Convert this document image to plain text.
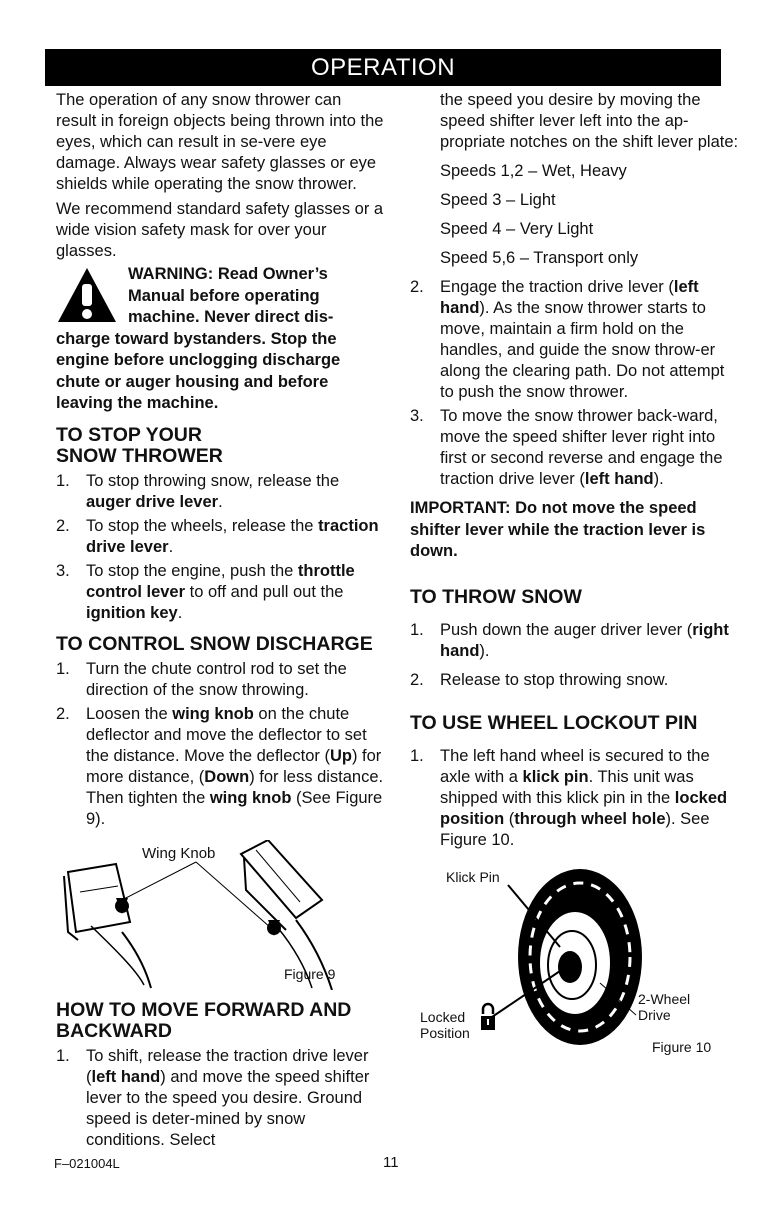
OPERATION

The operation of any snow thrower can result in foreign objects being thrown into the eyes, which can result in se-vere eye damage. Always wear safety glasses or eye shields while operating the snow thrower.

We recommend standard safety glasses or a wide vision safety mask for over your glasses.

WARNING: Read Owner’s
Manual before operating
machine. Never direct dis-
charge toward bystanders. Stop the engine before unclogging discharge chute or auger housing and before leaving the machine.
TO STOP YOUR
SNOW THROWER
1. To stop throwing snow, release the auger drive lever.
2. To stop the wheels, release the traction drive lever.
3. To stop the engine, push the throttle control lever to off and pull out the ignition key.
TO CONTROL SNOW DISCHARGE
1. Turn the chute control rod to set the direction of the snow throwing.
2. Loosen the wing knob on the chute deflector and move the deflector to set the distance. Move the deflector (Up) for more distance, (Down) for less distance. Then tighten the wing knob (See Figure 9).
Wing Knob
Figure 9
HOW TO MOVE FORWARD AND
BACKWARD
1. To shift, release the traction drive lever (left hand) and move the speed shifter lever to the speed you desire. Ground speed is deter-mined by snow conditions. Select

the speed you desire by moving the speed shifter lever left into the ap-propriate notches on the shift lever plate:

Speeds 1,2 – Wet, Heavy
Speed 3 – Light
Speed 4 – Very Light
Speed 5,6 – Transport only
2. Engage the traction drive lever (left hand). As the snow thrower starts to move, maintain a firm hold on the handles, and guide the snow throw-er along the clearing path. Do not attempt to push the snow thrower.
3. To move the snow thrower back-ward, move the speed shifter lever right into first or second reverse and engage the traction drive lever (left hand).
IMPORTANT: Do not move the speed shifter lever while the traction lever is down.
TO THROW SNOW
1. Push down the auger driver lever (right hand).
2. Release to stop throwing snow.
TO USE WHEEL LOCKOUT PIN
1. The left hand wheel is secured to the axle with a klick pin. This unit was shipped with this klick pin in the locked position (through wheel hole). See Figure 10.
Klick Pin
Locked
Position
2-Wheel
Drive
Figure 10
F–021004L	11
